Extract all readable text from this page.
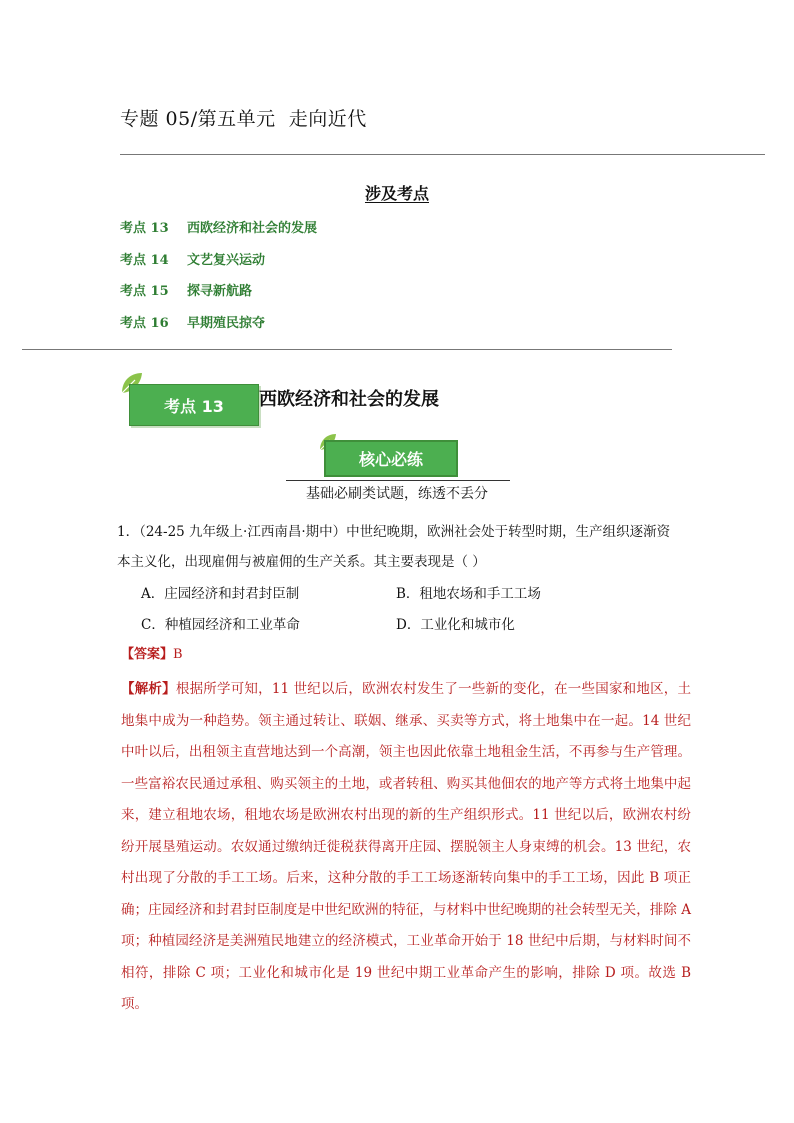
专题 05/第五单元  走向近代
涉及考点
考点 13 西欧经济和社会的发展
考点 14 文艺复兴运动
考点 15 探寻新航路
考点 16 早期殖民掠夺
考点 13	西欧经济和社会的发展
核心必练
基础必刷类试题，练透不丢分
1．（24-25 九年级上·江西南昌·期中）中世纪晚期，欧洲社会处于转型时期，生产组织逐渐资本主义化，出现雇佣与被雇佣的生产关系。其主要表现是（ ）
A．庄园经济和封君封臣制	B．租地农场和手工工场
C．种植园经济和工业革命	D．工业化和城市化
【答案】B
【解析】根据所学可知，11 世纪以后，欧洲农村发生了一些新的变化，在一些国家和地区，土地集中成为一种趋势。领主通过转让、联姻、继承、买卖等方式，将土地集中在一起。14 世纪中叶以后，出租领主直营地达到一个高潮，领主也因此依靠土地租金生活，不再参与生产管理。一些富裕农民通过承租、购买领主的土地，或者转租、购买其他佃农的地产等方式将土地集中起来，建立租地农场，租地农场是欧洲农村出现的新的生产组织形式。11 世纪以后，欧洲农村纷纷开展垦殖运动。农奴通过缴纳迁徙税获得离开庄园、摆脱领主人身束缚的机会。13 世纪，农村出现了分散的手工工场。后来，这种分散的手工工场逐渐转向集中的手工工场，因此 B 项正确；庄园经济和封君封臣制度是中世纪欧洲的特征，与材料中世纪晚期的社会转型无关，排除 A 项；种植园经济是美洲殖民地建立的经济模式，工业革命开始于 18 世纪中后期，与材料时间不相符，排除 C 项；工业化和城市化是 19 世纪中期工业革命产生的影响，排除 D 项。故选 B 项。
